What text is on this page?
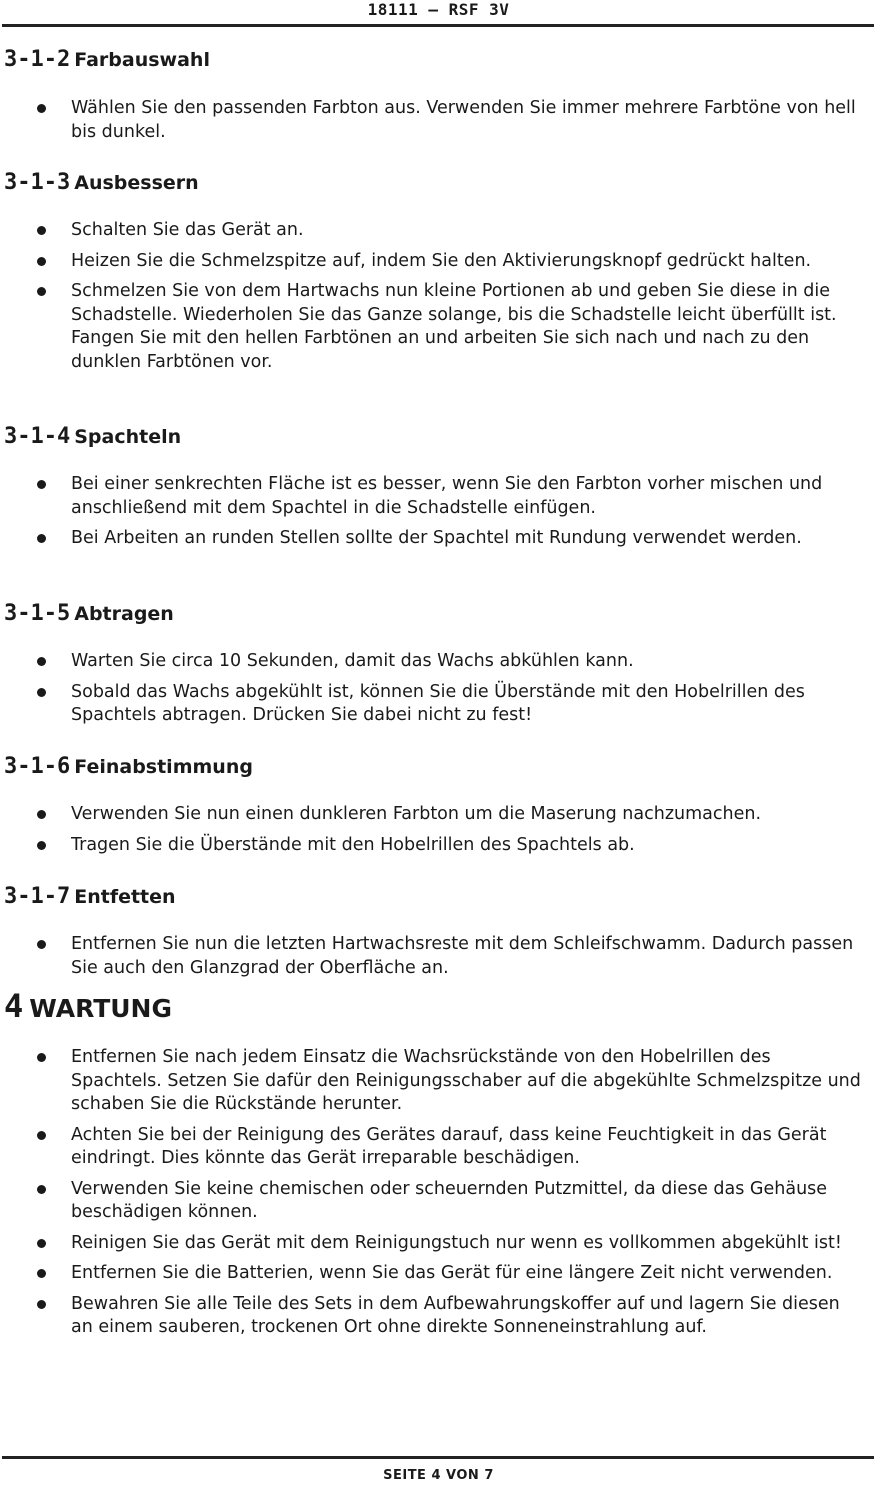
18111 – RSF 3V
3-1-2 Farbauswahl
Wählen Sie den passenden Farbton aus. Verwenden Sie immer mehrere Farbtöne von hell bis dunkel.
3-1-3 Ausbessern
Schalten Sie das Gerät an.
Heizen Sie die Schmelzspitze auf, indem Sie den Aktivierungsknopf gedrückt halten.
Schmelzen Sie von dem Hartwachs nun kleine Portionen ab und geben Sie diese in die Schadstelle. Wiederholen Sie das Ganze solange, bis die Schadstelle leicht überfüllt ist. Fangen Sie mit den hellen Farbtönen an und arbeiten Sie sich nach und nach zu den dunklen Farbtönen vor.
3-1-4 Spachteln
Bei einer senkrechten Fläche ist es besser, wenn Sie den Farbton vorher mischen und anschließend mit dem Spachtel in die Schadstelle einfügen.
Bei Arbeiten an runden Stellen sollte der Spachtel mit Rundung verwendet werden.
3-1-5 Abtragen
Warten Sie circa 10 Sekunden, damit das Wachs abkühlen kann.
Sobald das Wachs abgekühlt ist, können Sie die Überstände mit den Hobelrillen des Spachtels abtragen. Drücken Sie dabei nicht zu fest!
3-1-6 Feinabstimmung
Verwenden Sie nun einen dunkleren Farbton um die Maserung nachzumachen.
Tragen Sie die Überstände mit den Hobelrillen des Spachtels ab.
3-1-7 Entfetten
Entfernen Sie nun die letzten Hartwachsreste mit dem Schleifschwamm. Dadurch passen Sie auch den Glanzgrad der Oberfläche an.
4 WARTUNG
Entfernen Sie nach jedem Einsatz die Wachsrückstände von den Hobelrillen des Spachtels. Setzen Sie dafür den Reinigungsschaber auf die abgekühlte Schmelzspitze und schaben Sie die Rückstände herunter.
Achten Sie bei der Reinigung des Gerätes darauf, dass keine Feuchtigkeit in das Gerät eindringt. Dies könnte das Gerät irreparable beschädigen.
Verwenden Sie keine chemischen oder scheuernden Putzmittel, da diese das Gehäuse beschädigen können.
Reinigen Sie das Gerät mit dem Reinigungstuch nur wenn es vollkommen abgekühlt ist!
Entfernen Sie die Batterien, wenn Sie das Gerät für eine längere Zeit nicht verwenden.
Bewahren Sie alle Teile des Sets in dem Aufbewahrungskoffer auf und lagern Sie diesen an einem sauberen, trockenen Ort ohne direkte Sonneneinstrahlung auf.
SEITE 4 VON 7
